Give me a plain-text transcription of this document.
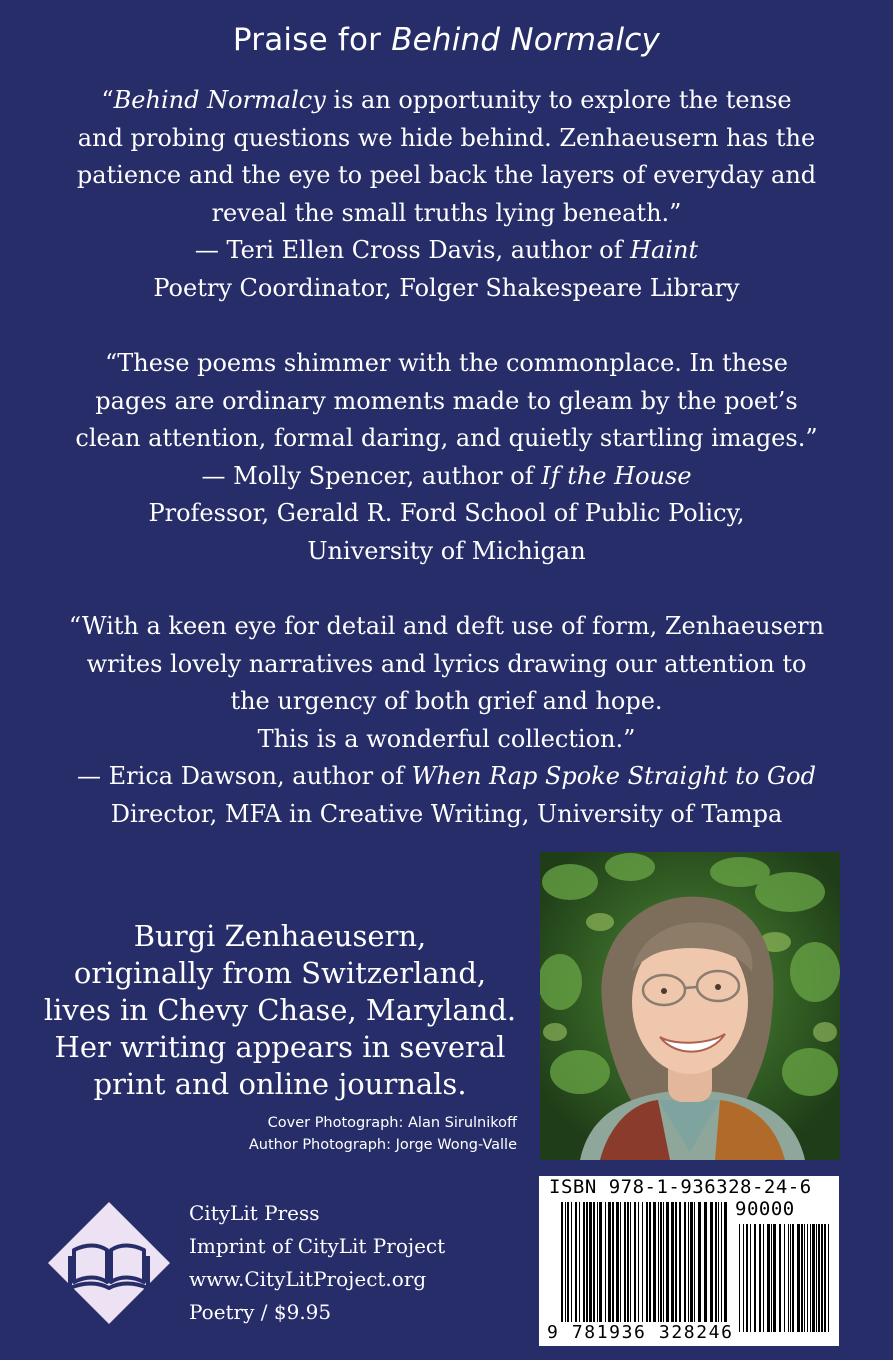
Praise for Behind Normalcy
“Behind Normalcy is an opportunity to explore the tense
and probing questions we hide behind. Zenhaeusern has the
patience and the eye to peel back the layers of everyday and
reveal the small truths lying beneath.”
— Teri Ellen Cross Davis, author of Haint
Poetry Coordinator, Folger Shakespeare Library
“These poems shimmer with the commonplace. In these
pages are ordinary moments made to gleam by the poet’s
clean attention, formal daring, and quietly startling images.”
— Molly Spencer, author of If the House
Professor, Gerald R. Ford School of Public Policy,
University of Michigan
“With a keen eye for detail and deft use of form, Zenhaeusern
writes lovely narratives and lyrics drawing our attention to
the urgency of both grief and hope.
This is a wonderful collection.”
— Erica Dawson, author of When Rap Spoke Straight to God
Director, MFA in Creative Writing, University of Tampa
Burgi Zenhaeusern,
originally from Switzerland,
lives in Chevy Chase, Maryland.
Her writing appears in several
print and online journals.
Cover Photograph: Alan Sirulnikoff
Author Photograph: Jorge Wong-Valle
CityLit Press
Imprint of CityLit Project
www.CityLitProject.org
Poetry / $9.95
ISBN 978-1-936328-24-6
90000
9 781936 328246
